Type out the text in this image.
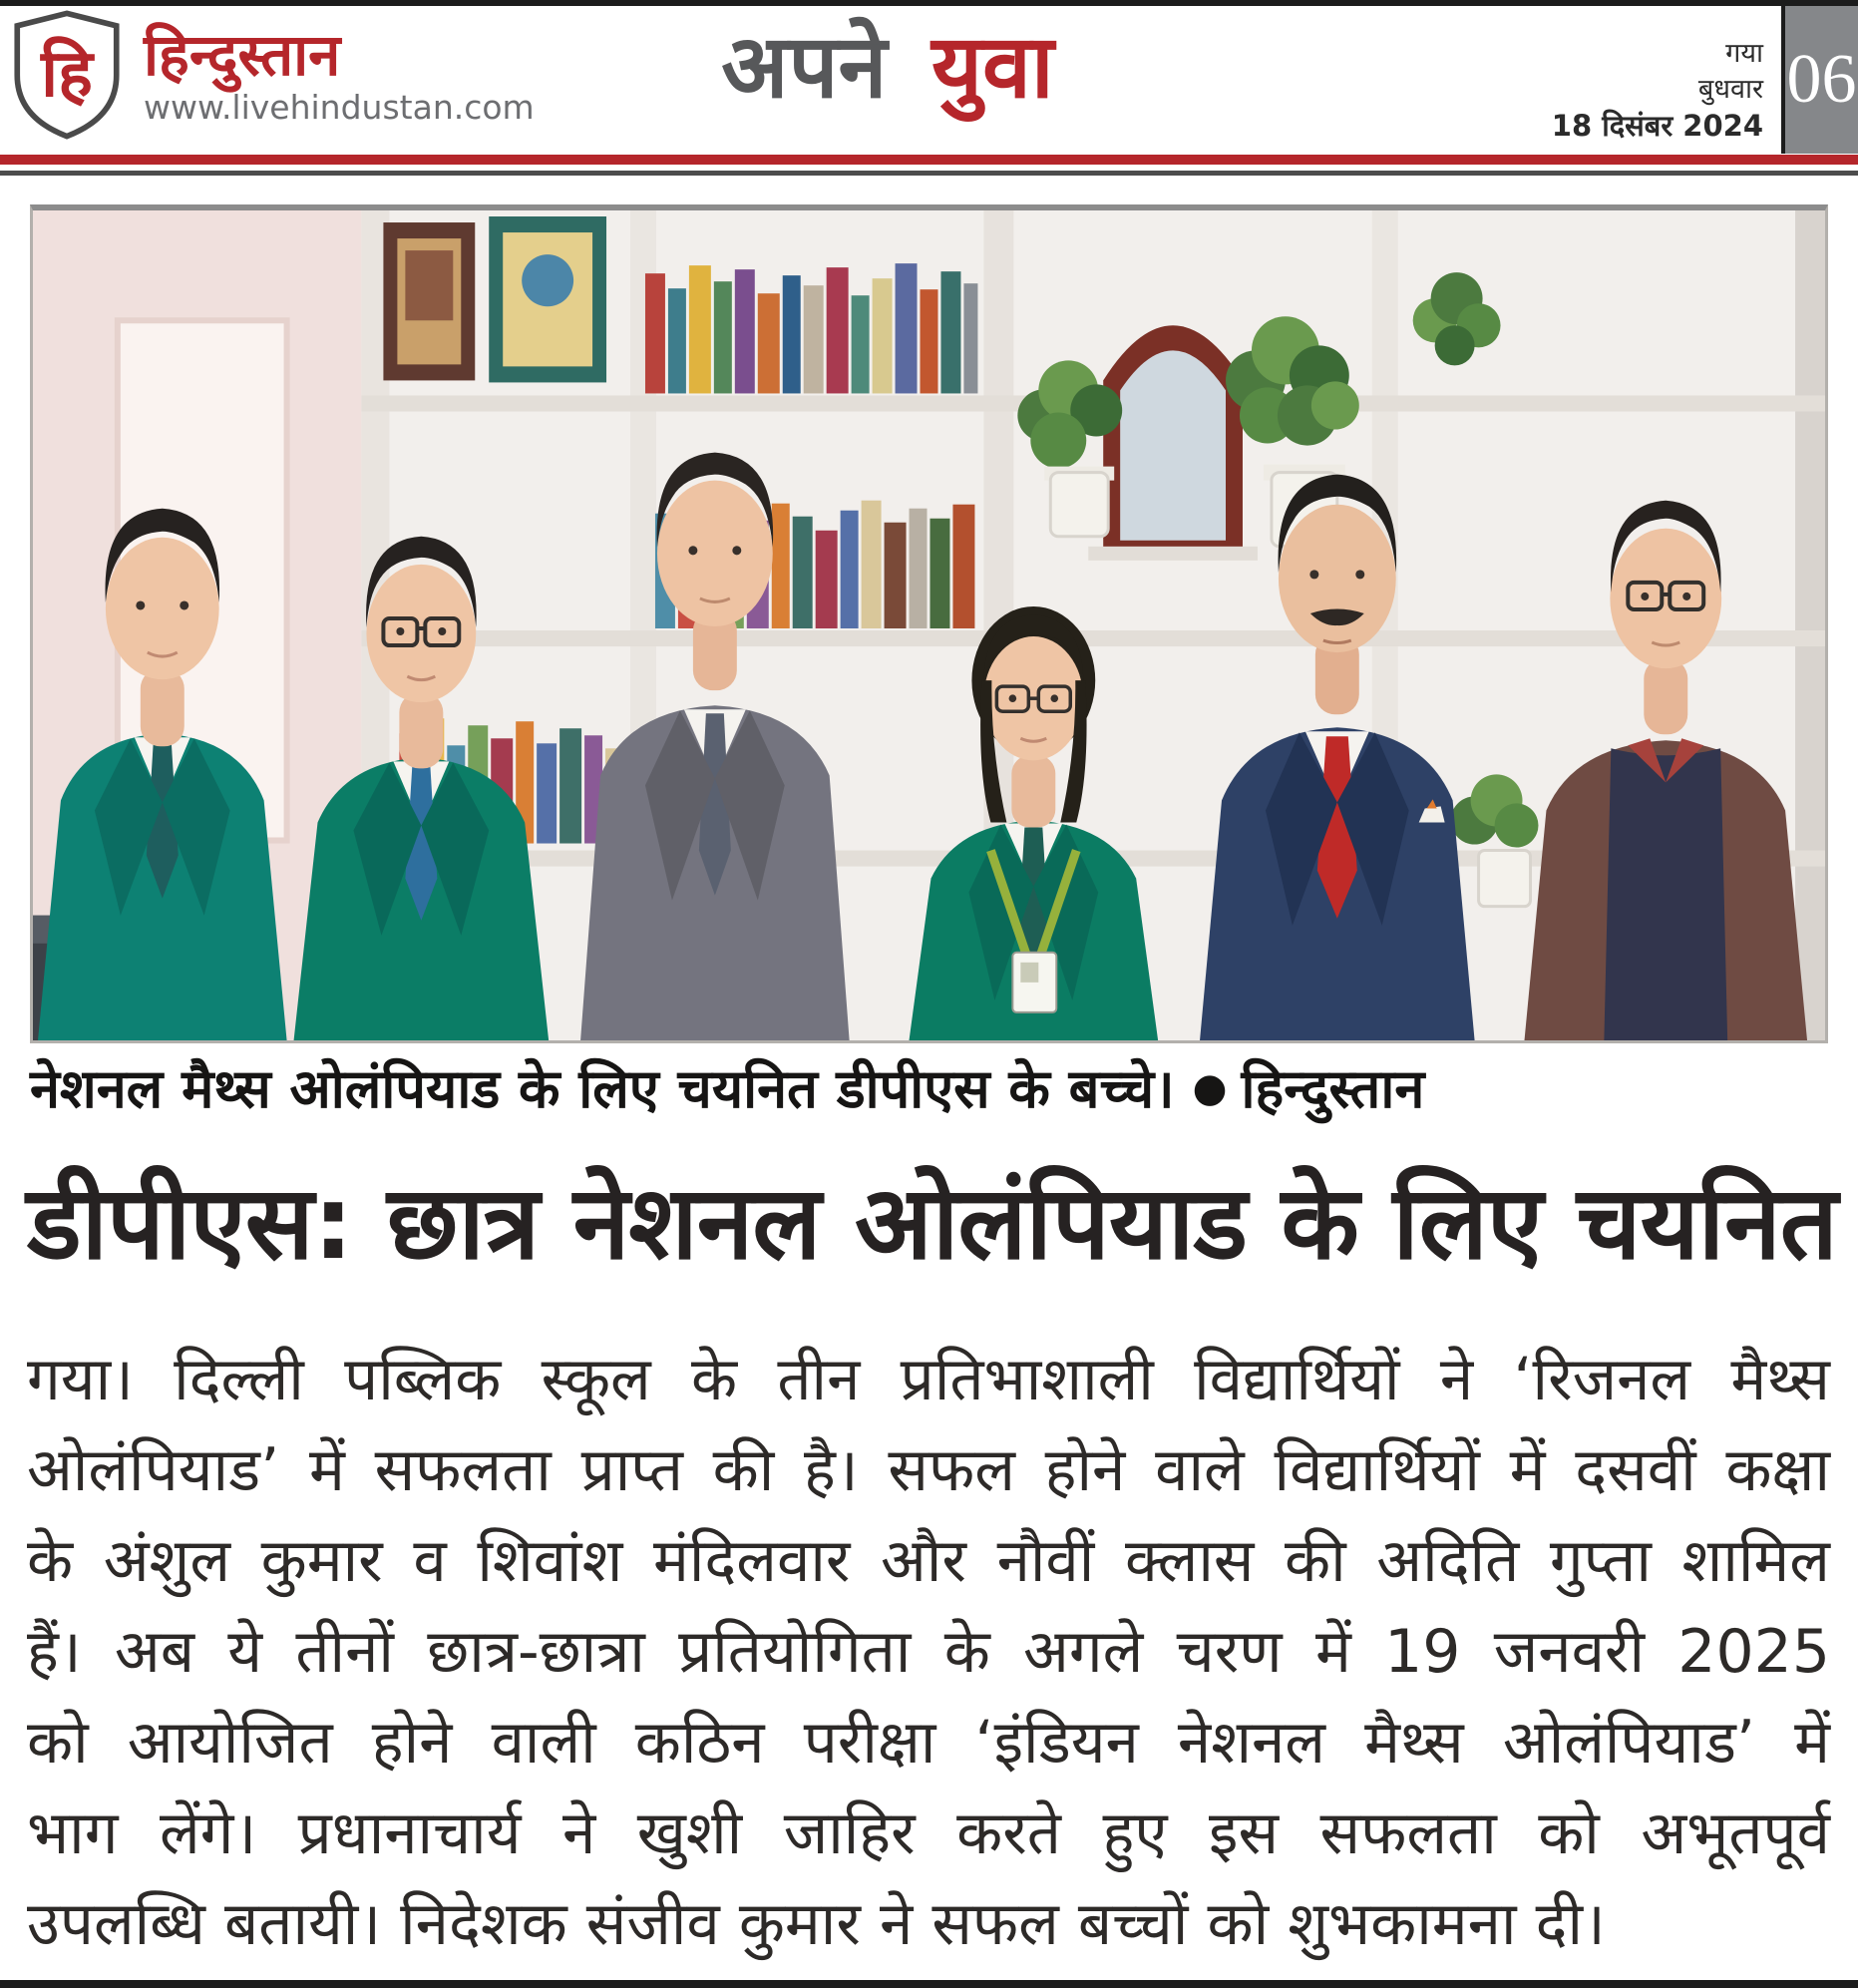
हि हिन्दुस्तान
www.livehindustan.com	अपने युवा	गया
बुधवार
18 दिसंबर 2024
06
नेशनल मैथ्स ओलंपियाड के लिए चयनित डीपीएस के बच्चे। ● हिन्दुस्तान
डीपीएस: छात्र नेशनल ओलंपियाड के लिए चयनित
गया। दिल्ली पब्लिक स्कूल के तीन प्रतिभाशाली विद्यार्थियों ने ‘रिजनल मैथ्स
ओलंपियाड’ में सफलता प्राप्त की है। सफल होने वाले विद्यार्थियों में दसवीं कक्षा
के अंशुल कुमार व शिवांश मंदिलवार और नौवीं क्लास की अदिति गुप्ता शामिल
हैं। अब ये तीनों छात्र-छात्रा प्रतियोगिता के अगले चरण में 19 जनवरी 2025
को आयोजित होने वाली कठिन परीक्षा ‘इंडियन नेशनल मैथ्स ओलंपियाड’ में
भाग लेंगे। प्रधानाचार्य ने खुशी जाहिर करते हुए इस सफलता को अभूतपूर्व
उपलब्धि बतायी। निदेशक संजीव कुमार ने सफल बच्चों को शुभकामना दी।
